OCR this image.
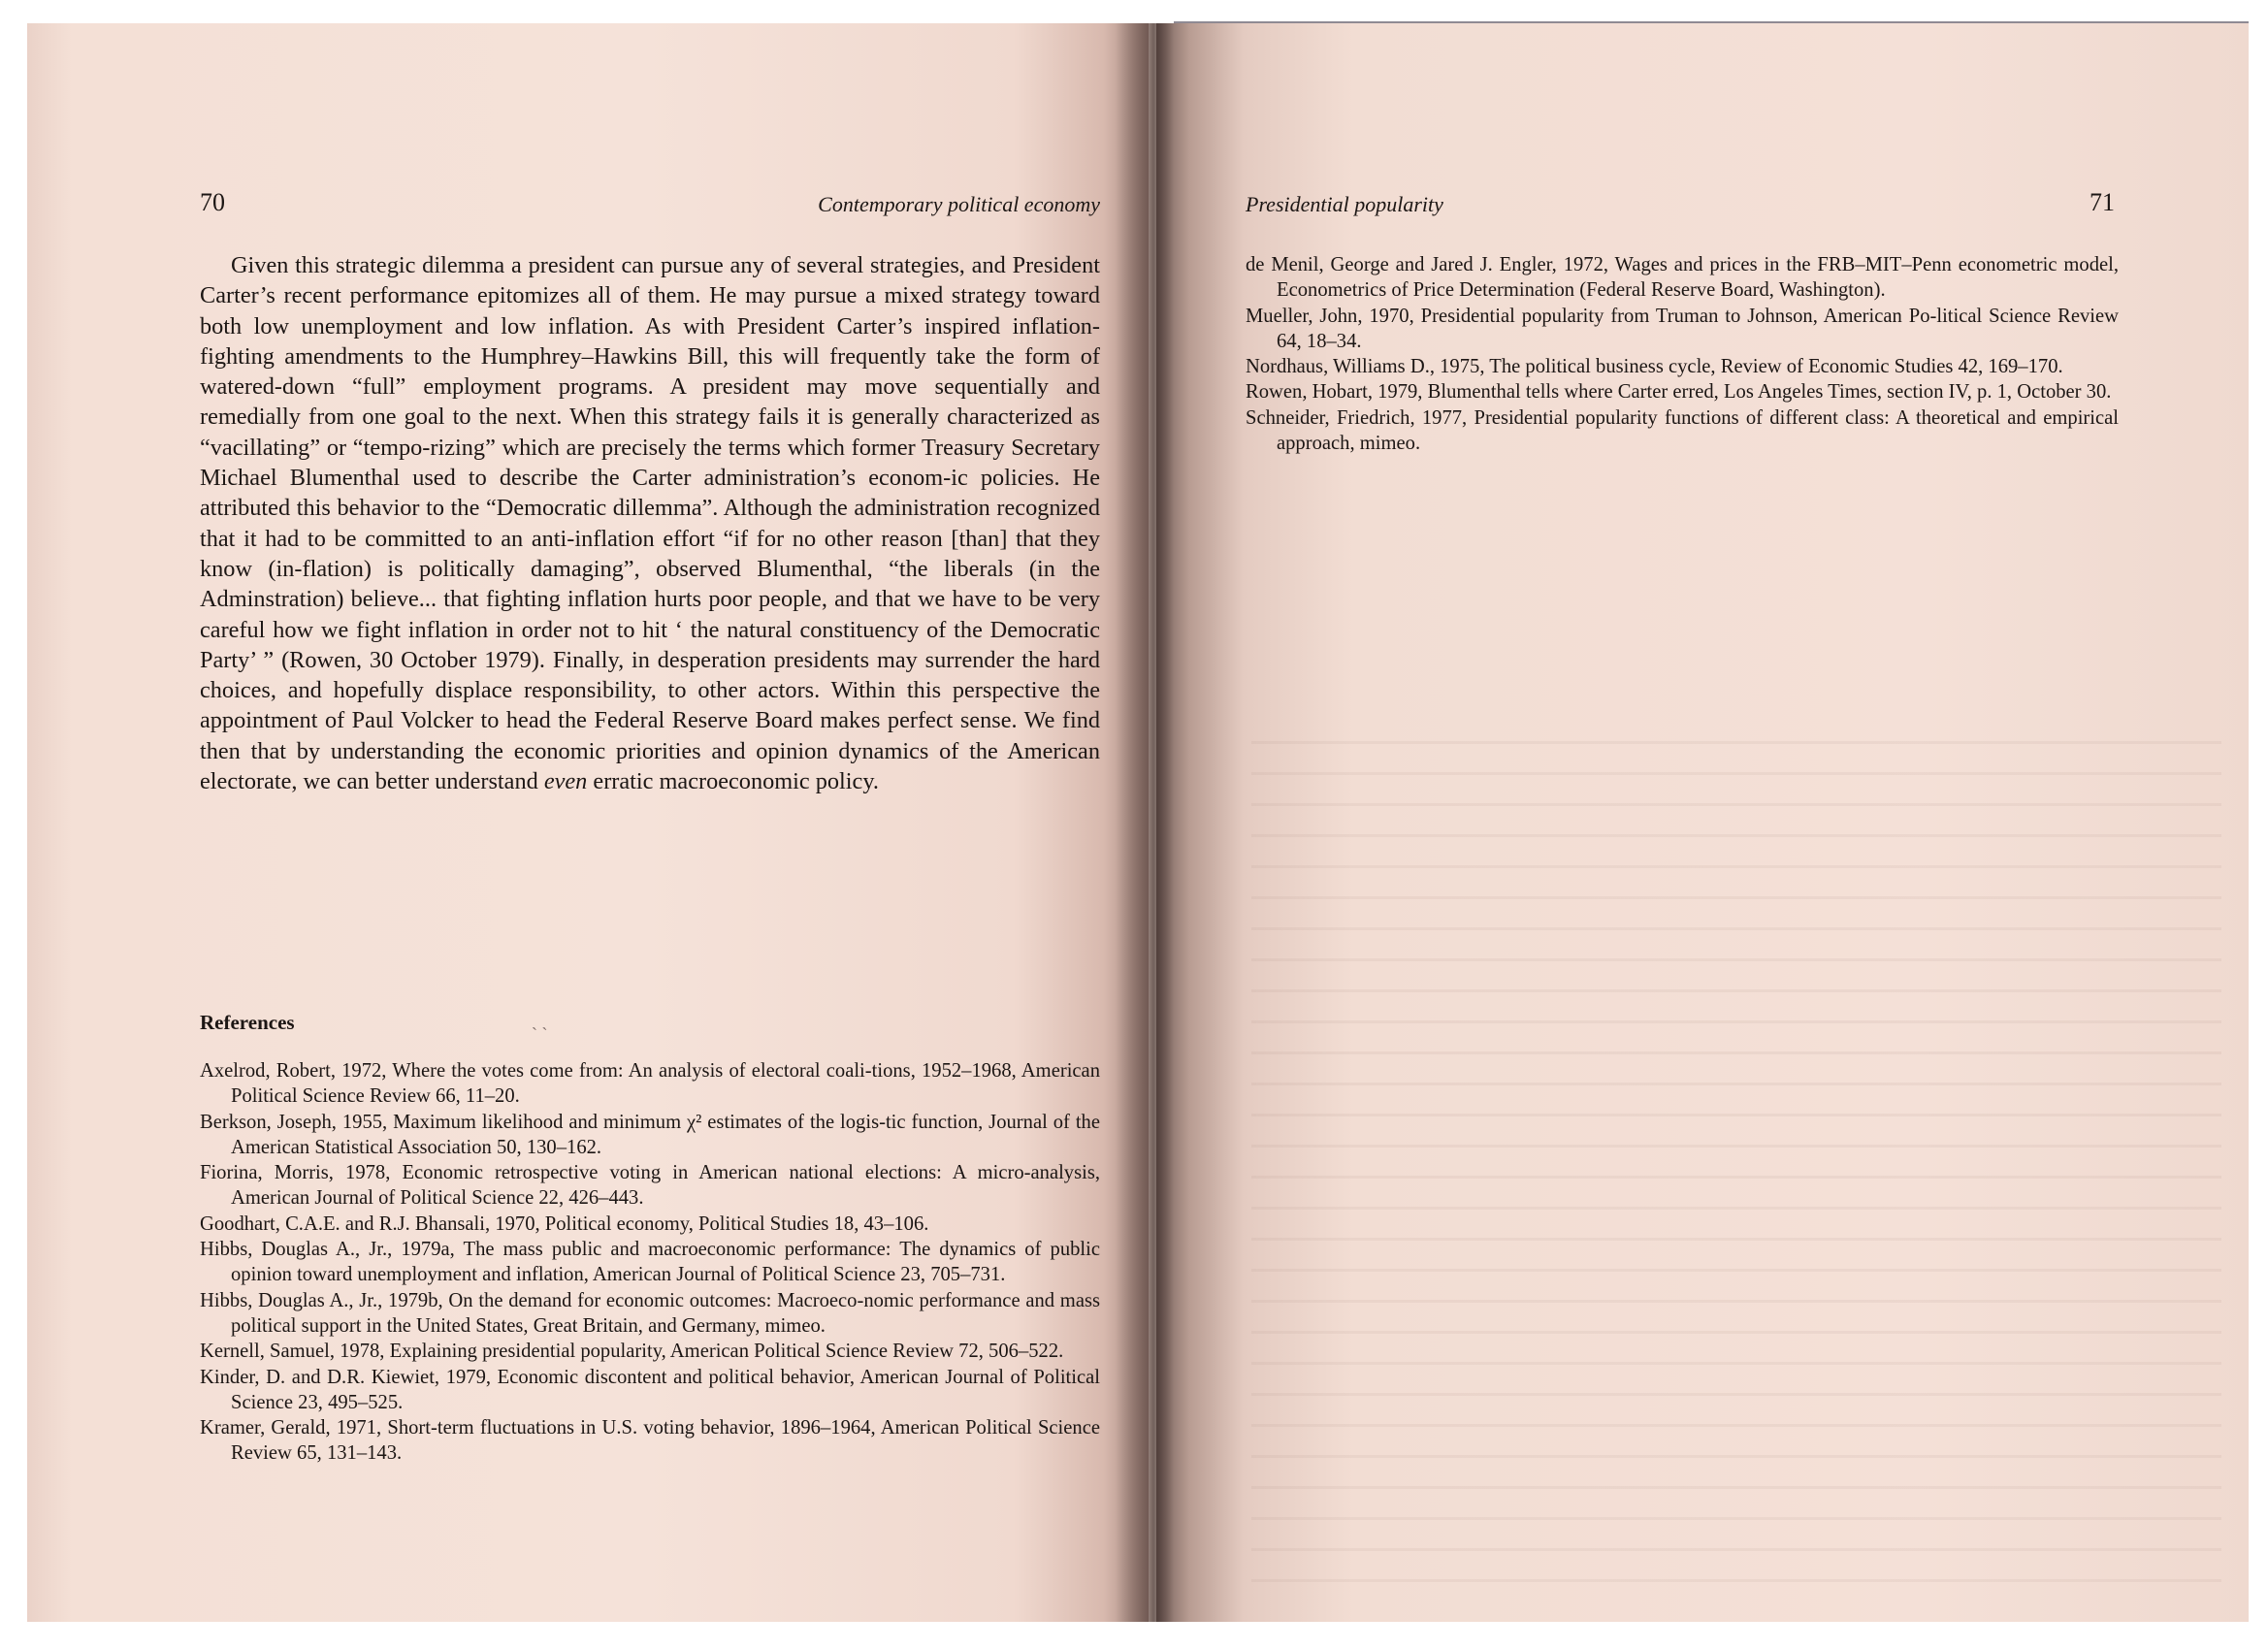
70	Contemporary political economy

Given this strategic dilemma a president can pursue any of several strategies, and President Carter’s recent performance epitomizes all of them. He may pursue a mixed strategy toward both low unemployment and low inflation. As with President Carter’s inspired inflation-fighting amendments to the Humphrey–Hawkins Bill, this will frequently take the form of watered-down “full” employment programs. A president may move sequentially and remedially from one goal to the next. When this strategy fails it is generally characterized as “vacillating” or “tempo-rizing” which are precisely the terms which former Treasury Secretary Michael Blumenthal used to describe the Carter administration’s econom-ic policies. He attributed this behavior to the “Democratic dillemma”. Although the administration recognized that it had to be committed to an anti-inflation effort “if for no other reason [than] that they know (in-flation) is politically damaging”, observed Blumenthal, “the liberals (in the Adminstration) believe... that fighting inflation hurts poor people, and that we have to be very careful how we fight inflation in order not to hit ‘ the natural constituency of the Democratic Party’ ” (Rowen, 30 October 1979). Finally, in desperation presidents may surrender the hard choices, and hopefully displace responsibility, to other actors. Within this perspective the appointment of Paul Volcker to head the Federal Reserve Board makes perfect sense. We find then that by understanding the economic priorities and opinion dynamics of the American electorate, we can better understand even erratic macroeconomic policy.

References	ˏ ˏ

Axelrod, Robert, 1972, Where the votes come from: An analysis of electoral coali-tions, 1952–1968, American Political Science Review 66, 11–20.

Berkson, Joseph, 1955, Maximum likelihood and minimum χ² estimates of the logis-tic function, Journal of the American Statistical Association 50, 130–162.

Fiorina, Morris, 1978, Economic retrospective voting in American national elections: A micro-analysis, American Journal of Political Science 22, 426–443.

Goodhart, C.A.E. and R.J. Bhansali, 1970, Political economy, Political Studies 18, 43–106.

Hibbs, Douglas A., Jr., 1979a, The mass public and macroeconomic performance: The dynamics of public opinion toward unemployment and inflation, American Journal of Political Science 23, 705–731.

Hibbs, Douglas A., Jr., 1979b, On the demand for economic outcomes: Macroeco-nomic performance and mass political support in the United States, Great Britain, and Germany, mimeo.

Kernell, Samuel, 1978, Explaining presidential popularity, American Political Science Review 72, 506–522.

Kinder, D. and D.R. Kiewiet, 1979, Economic discontent and political behavior, American Journal of Political Science 23, 495–525.

Kramer, Gerald, 1971, Short-term fluctuations in U.S. voting behavior, 1896–1964, American Political Science Review 65, 131–143.

Presidential popularity	71

de Menil, George and Jared J. Engler, 1972, Wages and prices in the FRB–MIT–Penn econometric model, Econometrics of Price Determination (Federal Reserve Board, Washington).

Mueller, John, 1970, Presidential popularity from Truman to Johnson, American Po-litical Science Review 64, 18–34.

Nordhaus, Williams D., 1975, The political business cycle, Review of Economic Studies 42, 169–170.

Rowen, Hobart, 1979, Blumenthal tells where Carter erred, Los Angeles Times, section IV, p. 1, October 30.

Schneider, Friedrich, 1977, Presidential popularity functions of different class: A theoretical and empirical approach, mimeo.
